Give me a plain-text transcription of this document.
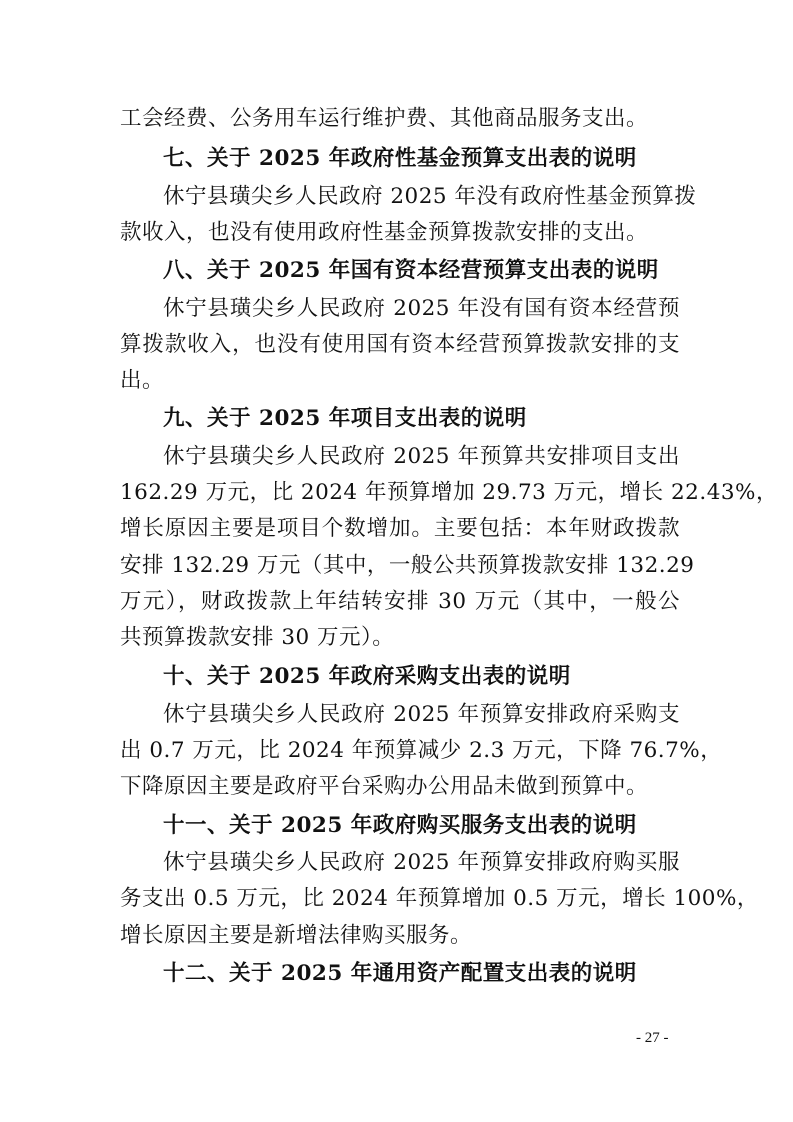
工会经费、公务用车运行维护费、其他商品服务支出。
七、关于 2025 年政府性基金预算支出表的说明
休宁县璜尖乡人民政府 2025 年没有政府性基金预算拨
款收入，也没有使用政府性基金预算拨款安排的支出。
八、关于 2025 年国有资本经营预算支出表的说明
休宁县璜尖乡人民政府 2025 年没有国有资本经营预
算拨款收入，也没有使用国有资本经营预算拨款安排的支
出。
九、关于 2025 年项目支出表的说明
休宁县璜尖乡人民政府 2025 年预算共安排项目支出
162.29 万元，比 2024 年预算增加 29.73 万元，增长 22.43%，
增长原因主要是项目个数增加。主要包括：本年财政拨款
安排 132.29 万元（其中，一般公共预算拨款安排 132.29
万元），财政拨款上年结转安排 30 万元（其中，一般公
共预算拨款安排 30 万元）。
十、关于 2025 年政府采购支出表的说明
休宁县璜尖乡人民政府 2025 年预算安排政府采购支
出 0.7 万元，比 2024 年预算减少 2.3 万元，下降 76.7%，
下降原因主要是政府平台采购办公用品未做到预算中。
十一、关于 2025 年政府购买服务支出表的说明
休宁县璜尖乡人民政府 2025 年预算安排政府购买服
务支出 0.5 万元，比 2024 年预算增加 0.5 万元，增长 100%，
增长原因主要是新增法律购买服务。
十二、关于 2025 年通用资产配置支出表的说明
- 27 -
